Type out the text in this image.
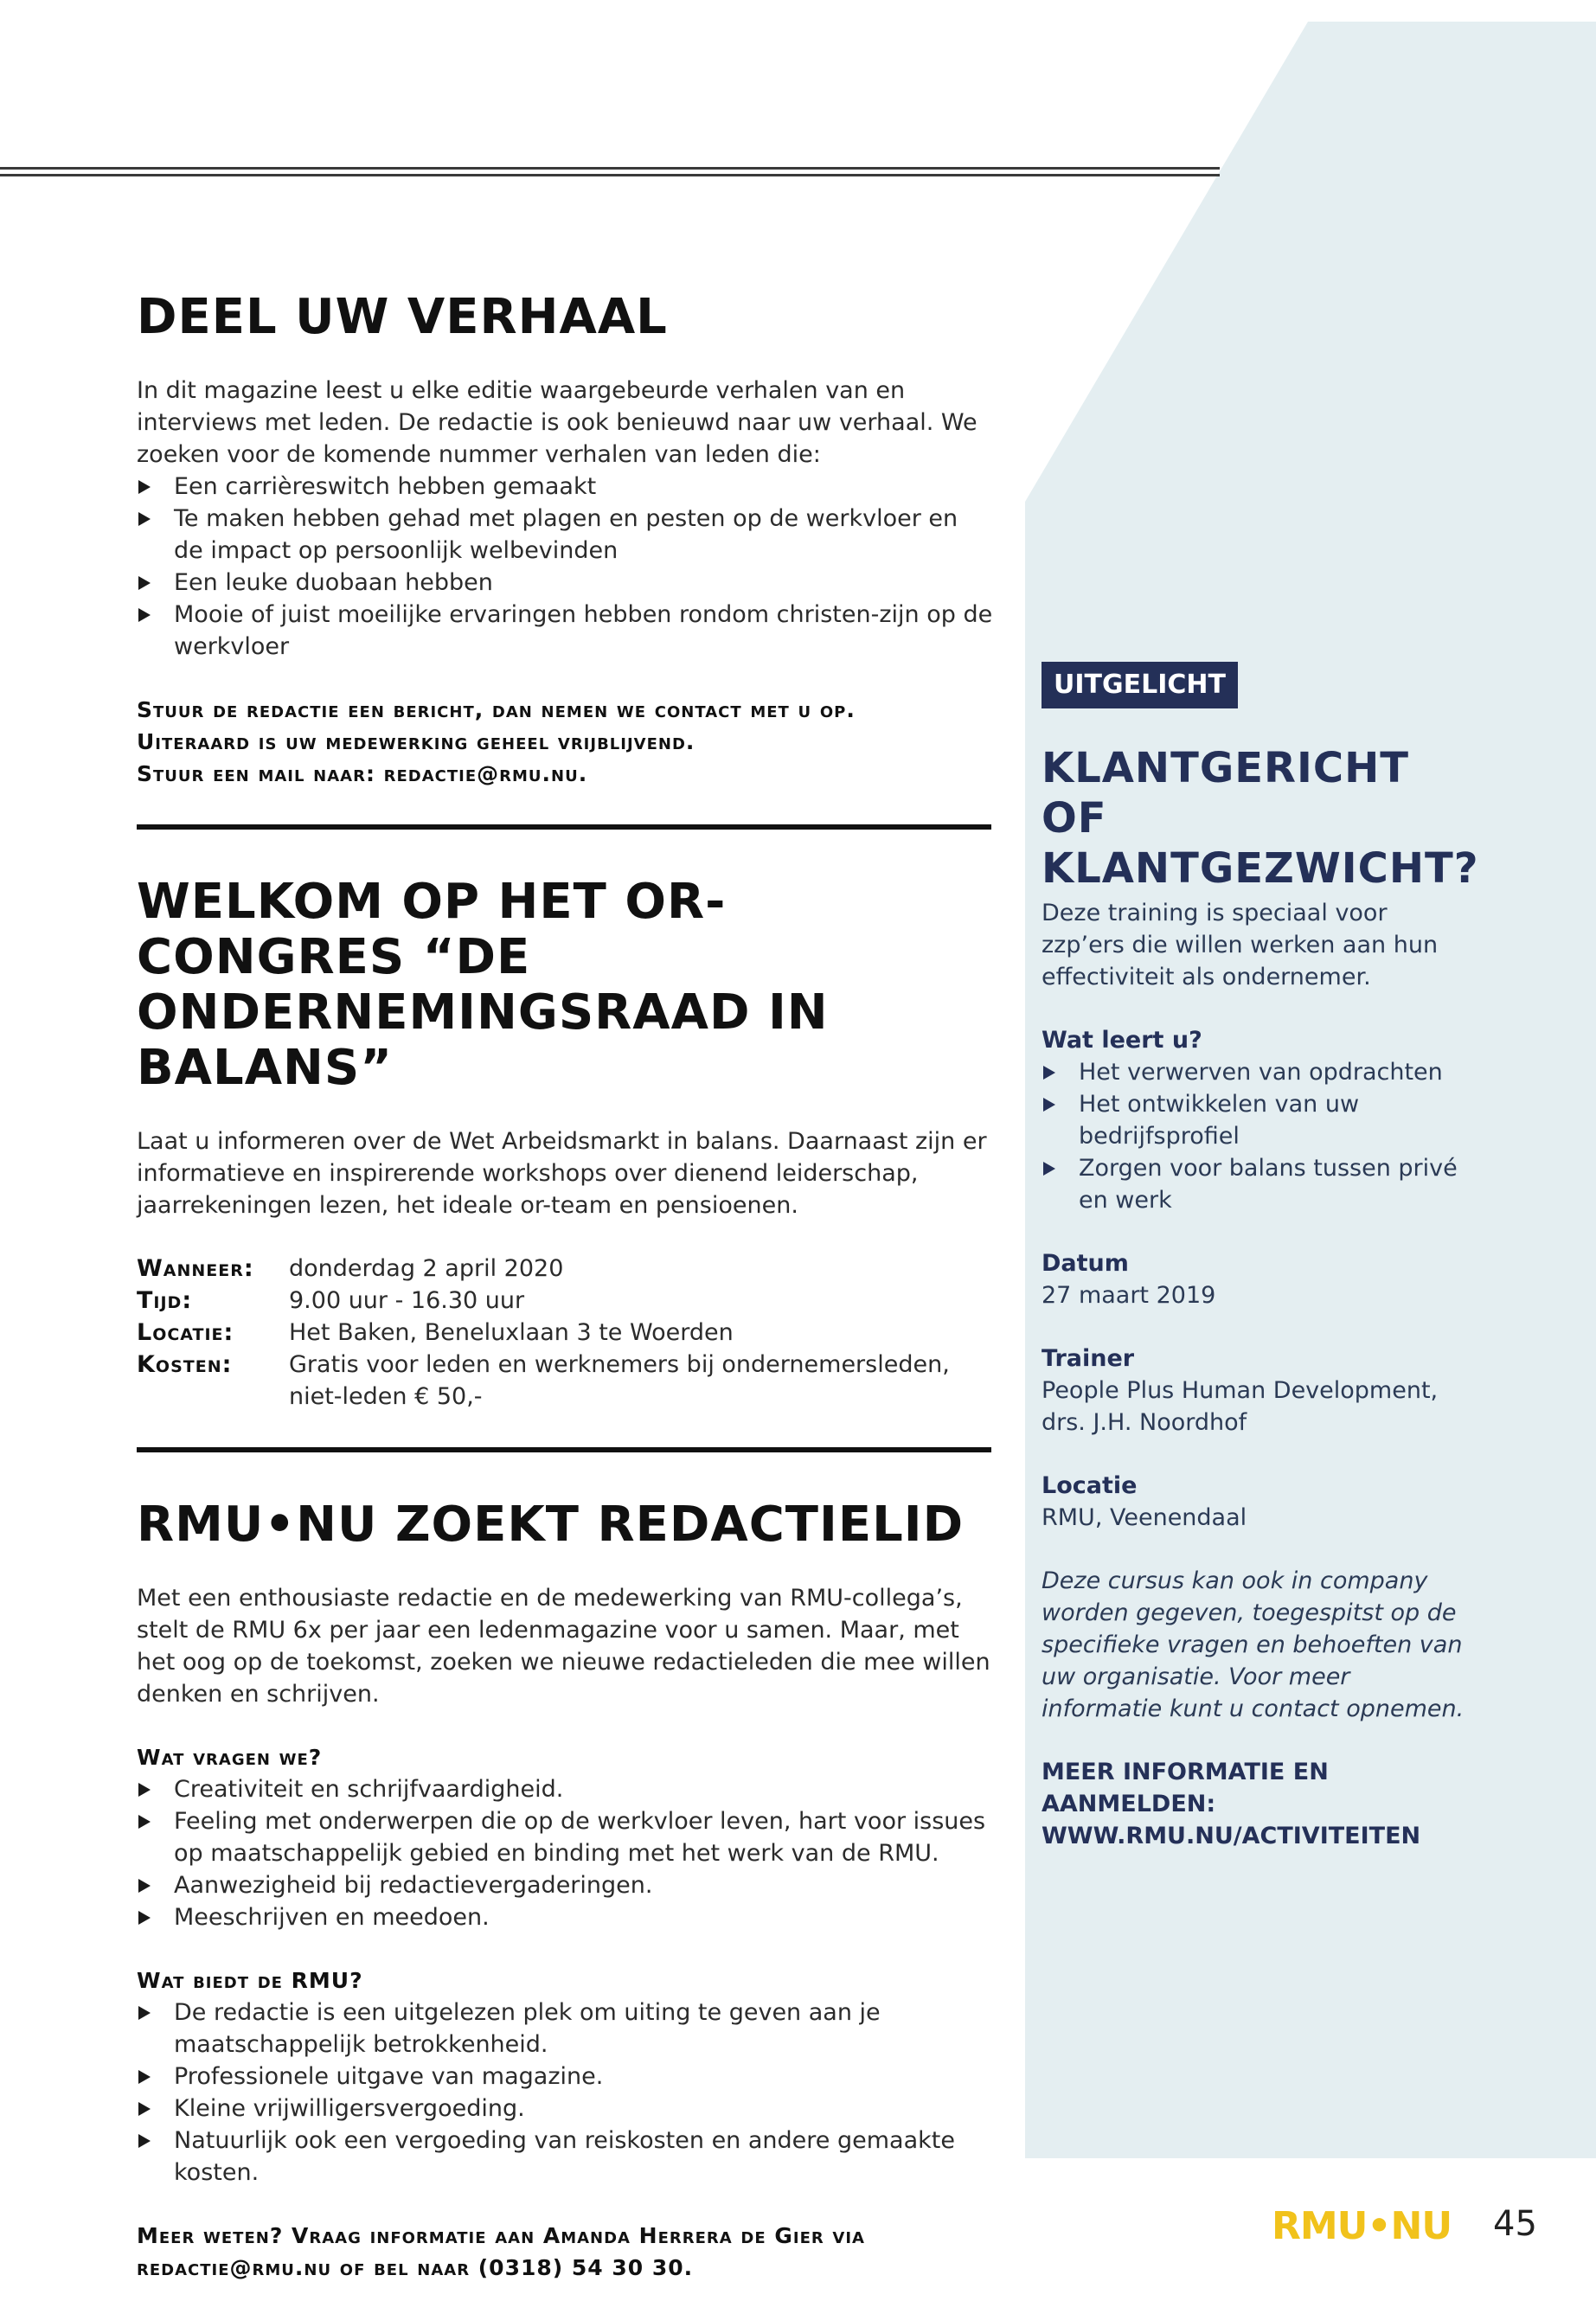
DEEL UW VERHAAL

In dit magazine leest u elke editie waargebeurde verhalen van en interviews met leden. De redactie is ook benieuwd naar uw verhaal. We zoeken voor de komende nummer verhalen van leden die:

Een carrièreswitch hebben gemaakt
Te maken hebben gehad met plagen en pesten op de werkvloer en de impact op persoonlijk welbevinden
Een leuke duobaan hebben
Mooie of juist moeilijke ervaringen hebben rondom christen-zijn op de werkvloer

Stuur de redactie een bericht, dan nemen we contact met u op.

Uiteraard is uw medewerking geheel vrijblijvend.

Stuur een mail naar: redactie@rmu.nu.

WELKOM OP HET OR-CONGRES “DE ONDERNEMINGSRAAD IN BALANS”

Laat u informeren over de Wet Arbeidsmarkt in balans. Daarnaast zijn er informatieve en inspirerende workshops over dienend leiderschap, jaarrekeningen lezen, het ideale or-team en pensioenen.

Wanneer:	donderdag 2 april 2020
Tijd:	9.00 uur - 16.30 uur
Locatie:	Het Baken, Beneluxlaan 3 te Woerden
Kosten:	Gratis voor leden en werknemers bij ondernemersleden, niet-leden € 50,-
RMU•NU ZOEKT REDACTIELID

Met een enthousiaste redactie en de medewerking van RMU-collega’s, stelt de RMU 6x per jaar een ledenmagazine voor u samen. Maar, met het oog op de toekomst, zoeken we nieuwe redactieleden die mee willen denken en schrijven.

Wat vragen we?

Creativiteit en schrijfvaardigheid.
Feeling met onderwerpen die op de werkvloer leven, hart voor issues op maatschappelijk gebied en binding met het werk van de RMU.
Aanwezigheid bij redactievergaderingen.
Meeschrijven en meedoen.

Wat biedt de RMU?

De redactie is een uitgelezen plek om uiting te geven aan je maatschappelijk betrokkenheid.
Professionele uitgave van magazine.
Kleine vrijwilligersvergoeding.
Natuurlijk ook een vergoeding van reiskosten en andere gemaakte kosten.

Meer weten? Vraag informatie aan Amanda Herrera de Gier via

redactie@rmu.nu of bel naar (0318) 54 30 30.

UITGELICHT
KLANTGERICHT OF KLANTGEZWICHT?

Deze training is speciaal voor zzp’ers die willen werken aan hun effectiviteit als ondernemer.

Wat leert u?

Het verwerven van opdrachten
Het ontwikkelen van uw bedrijfsprofiel
Zorgen voor balans tussen privé en werk

Datum

27 maart 2019

Trainer

People Plus Human Development, drs. J.H. Noordhof

Locatie

RMU, Veenendaal

Deze cursus kan ook in company worden gegeven, toegespitst op de specifieke vragen en behoeften van uw organisatie. Voor meer informatie kunt u contact opnemen.

MEER INFORMATIE EN AANMELDEN:

WWW.RMU.NU/ACTIVITEITEN

RMU•NU 45
